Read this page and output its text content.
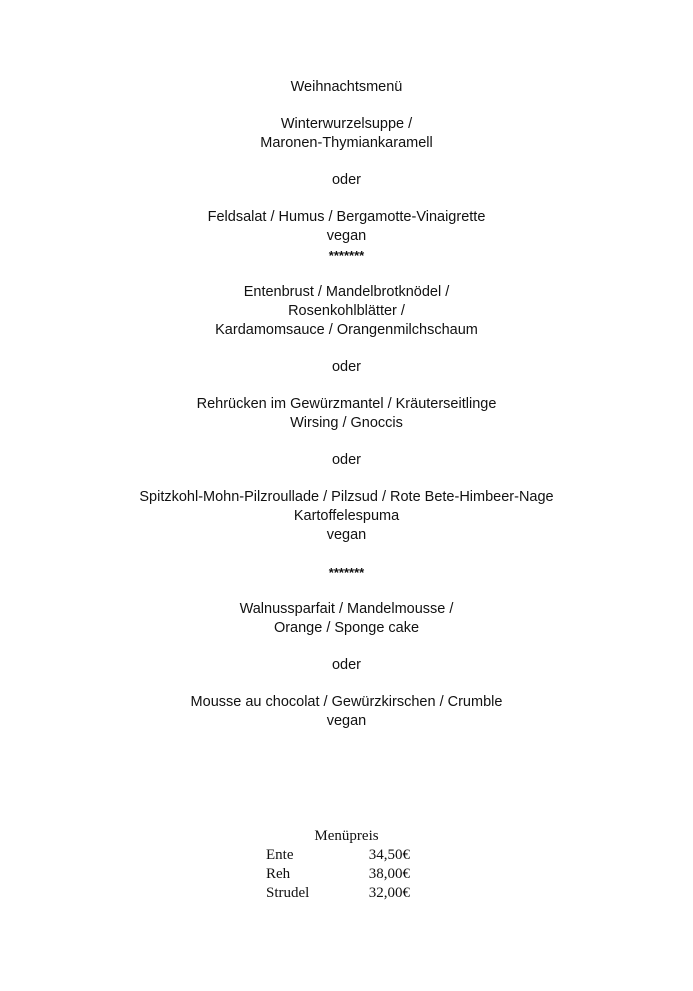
Weihnachtsmenü
Winterwurzelsuppe /
Maronen-Thymiankaramell
oder
Feldsalat / Humus / Bergamotte-Vinaigrette
vegan
*******
Entenbrust / Mandelbrotknödel /
Rosenkohlblätter /
Kardamomsauce / Orangenmilchschaum
oder
Rehrücken im Gewürzmantel / Kräuterseitlinge
Wirsing / Gnoccis
oder
Spitzkohl-Mohn-Pilzroullade / Pilzsud / Rote Bete-Himbeer-Nage
Kartoffelespuma
vegan
*******
Walnussparfait / Mandelmousse /
Orange / Sponge cake
oder
Mousse au chocolat / Gewürzkirschen / Crumble
vegan
Menüpreis
Ente	34,50€
Reh	38,00€
Strudel	32,00€
